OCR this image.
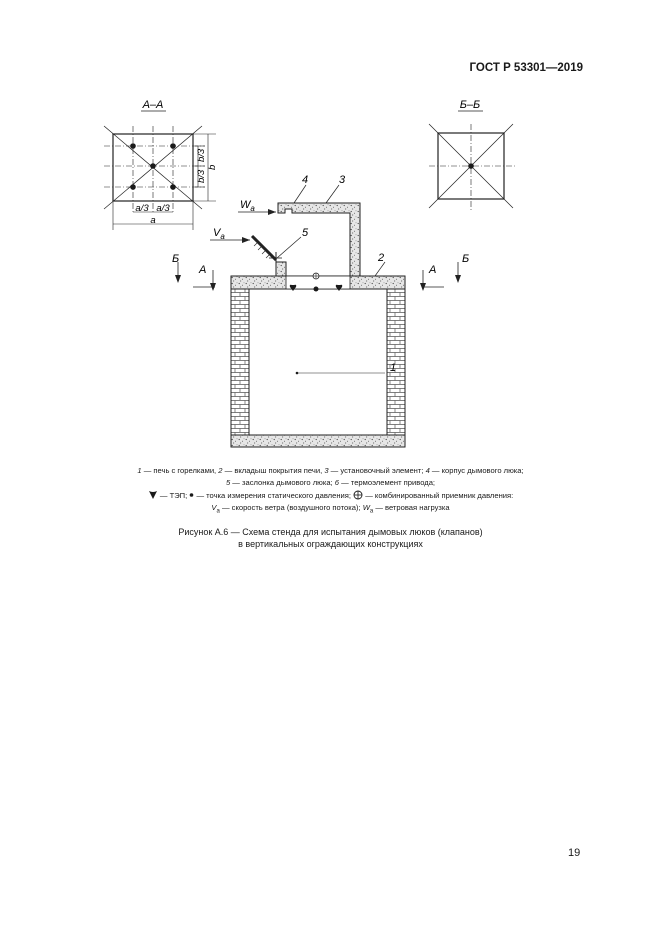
ГОСТ Р 53301—2019
А–А
b/3
b/3
b
a/3 a/3
a
Б–Б
$W_a$
$V_a$
4	3
5
2
1
А
Б
А
Б
1 — печь с горелками, 2 — вкладыш покрытия печи, 3 — установочный элемент; 4 — корпус дымового люка;
5 — заслонка дымового люка; 6 — термоэлемент привода;
— ТЭП;  — точка измерения статического давления;  — комбинированный приемник давления:
$V_a$ — скорость ветра (воздушного потока); $W_a$ — ветровая нагрузка
Рисунок А.6 — Схема стенда для испытания дымовых люков (клапанов)
в вертикальных ограждающих конструкциях
19
